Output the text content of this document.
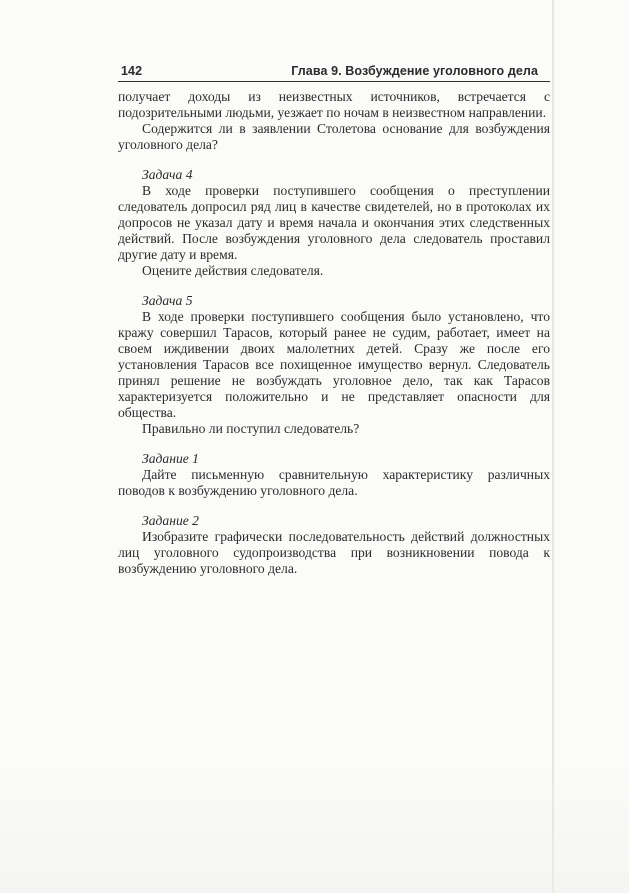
142	Глава 9. Возбуждение уголовного дела

получает доходы из неизвестных источников, встречается с подозрительными людьми, уезжает по ночам в неизвестном направлении.

Содержится ли в заявлении Столетова основание для возбуждения уголовного дела?

Задача 4

В ходе проверки поступившего сообщения о преступлении следователь допросил ряд лиц в качестве свидетелей, но в протоколах их допросов не указал дату и время начала и окончания этих следственных действий. После возбуждения уголовного дела следователь проставил другие дату и время.

Оцените действия следователя.

Задача 5

В ходе проверки поступившего сообщения было установлено, что кражу совершил Тарасов, который ранее не судим, работает, имеет на своем иждивении двоих малолетних детей. Сразу же после его установления Тарасов все похищенное имущество вернул. Следователь принял решение не возбуждать уголовное дело, так как Тарасов характеризуется положительно и не представляет опасности для общества.

Правильно ли поступил следователь?

Задание 1

Дайте письменную сравнительную характеристику различных поводов к возбуждению уголовного дела.

Задание 2

Изобразите графически последовательность действий должностных лиц уголовного судопроизводства при возникновении повода к возбуждению уголовного дела.
